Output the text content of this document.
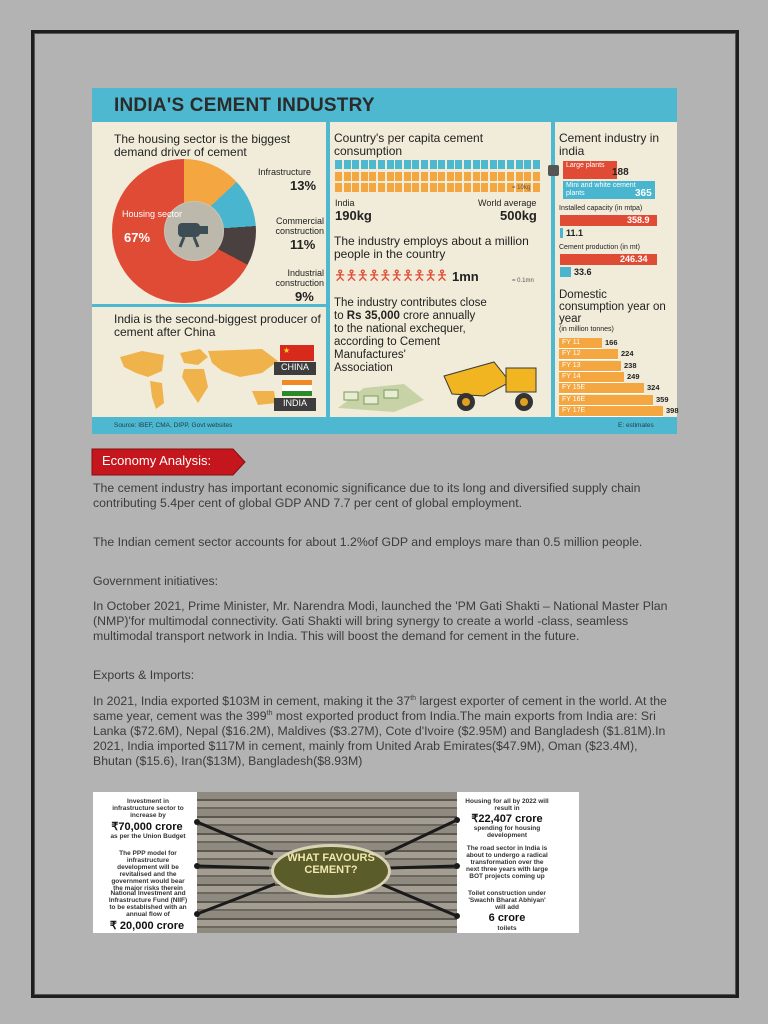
INDIA'S CEMENT INDUSTRY
The housing sector is the biggest demand driver of cement
Housing sector
67%
Infrastructure
13%
Commercial construction
11%
Industrial construction
9%
India is the second-biggest producer of cement after China
★
CHINA
INDIA
Country's per capita cement consumption
= 10kg
India
190kg
World average
500kg
The industry employs about a million people in the country
🯅🯅🯅🯅🯅🯅🯅🯅🯅🯅 1mn	= 0.1mn
The industry contributes close
to Rs 35,000 crore annually
to the national exchequer,
according to Cement
Manufactures'
Association
Cement industry in india
Large plants
188
Mini and white cement plants	365
Installed capacity (in mtpa)
358.9
11.1
Cement production (in mt)
246.34
33.6
Domestic consumption year on year
(in million tonnes)
FY 11	166
FY 12	224
FY 13	238
FY 14	249
FY 15E	324
FY 16E	359
FY 17E	398
Source: IBEF, CMA, DIPP, Govt websites	E: estimates
Economy Analysis:

The cement industry has important economic significance due to its long and diversified supply chain contributing 5.4per cent of global GDP AND 7.7 per cent of global employment.

The Indian cement sector accounts for about 1.2%of GDP and employs mare than 0.5 million people.

Government initiatives:

In October 2021, Prime Minister, Mr. Narendra Modi, launched the 'PM Gati Shakti – National Master Plan (NMP)'for multimodal connectivity. Gati Shakti will bring synergy to create a world -class, seamless multimodal transport network in India. This will boost the demand for cement in the future.

Exports & Imports:

In 2021, India exported $103M in cement, making it the 37th largest exporter of cement in the world. At the same year, cement was the 399th most exported product from India.The main exports from India are: Sri Lanka ($72.6M), Nepal ($16.2M), Maldives ($3.27M), Cote d'Ivoire ($2.95M) and Bangladesh ($1.81M).In 2021, India imported $117M in cement, mainly from United Arab Emirates($47.9M), Oman ($23.4M), Bhutan ($15.6), Iran($13M), Bangladesh($8.93M)

WHAT FAVOURS CEMENT?
Investment in infrastructure sector to increase by
₹70,000 crore
as per the Union Budget
The PPP model for infrastructure development will be revitalised and the government would bear the major risks therein
National Investment and Infrastructure Fund (NIIF) to be established with an annual flow of
₹ 20,000 crore
Housing for all by 2022 will result in
₹22,407 crore
spending for housing development
The road sector in India is about to undergo a radical transformation over the next three years with large BOT projects coming up
Toilet construction under 'Swachh Bharat Abhiyan' will add
6 crore
toilets
